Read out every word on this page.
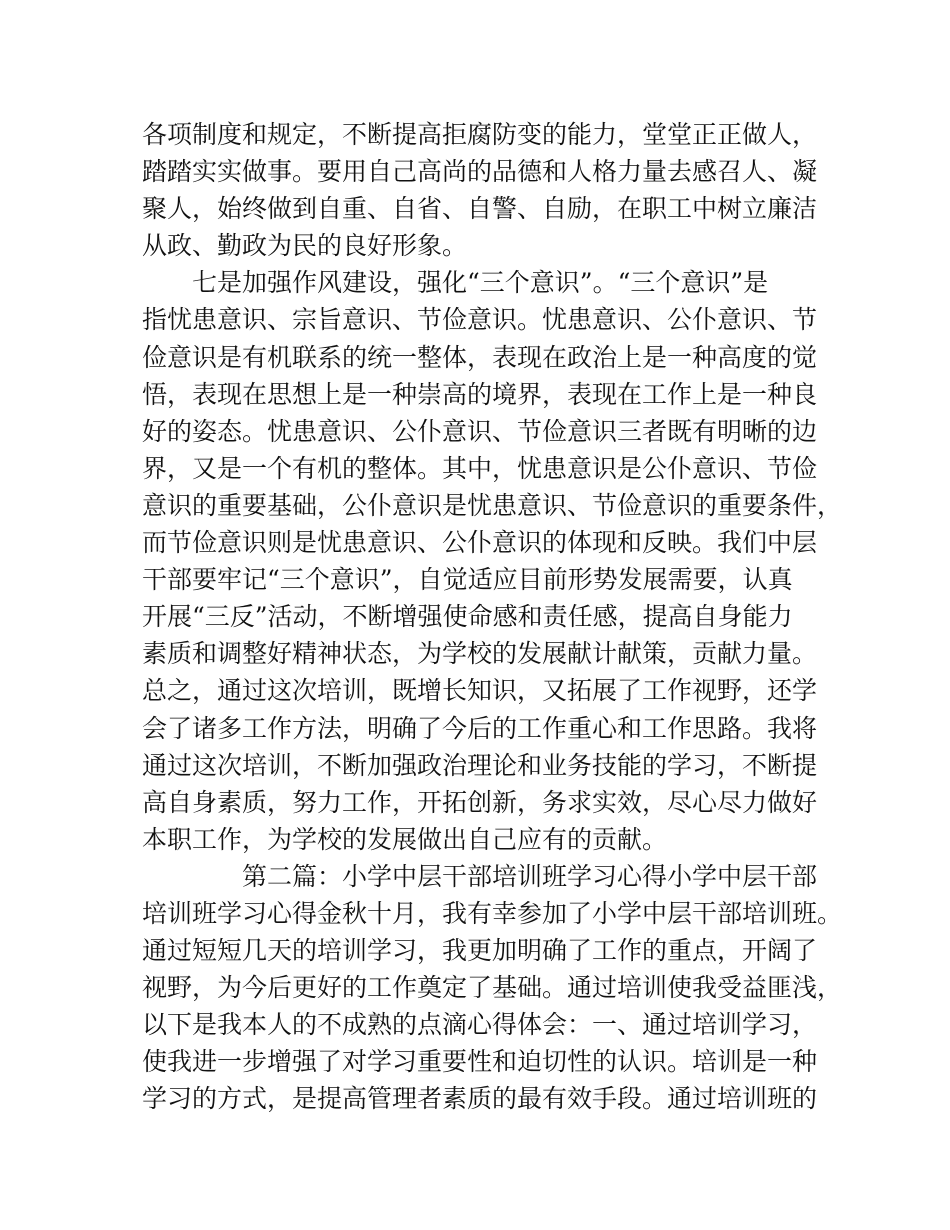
各项制度和规定，不断提高拒腐防变的能力，堂堂正正做人，
踏踏实实做事。要用自己高尚的品德和人格力量去感召人、凝
聚人，始终做到自重、自省、自警、自励，在职工中树立廉洁
从政、勤政为民的良好形象。
七是加强作风建设，强化“三个意识”。“三个意识”是
指忧患意识、宗旨意识、节俭意识。忧患意识、公仆意识、节
俭意识是有机联系的统一整体，表现在政治上是一种高度的觉
悟，表现在思想上是一种崇高的境界，表现在工作上是一种良
好的姿态。忧患意识、公仆意识、节俭意识三者既有明晰的边
界，又是一个有机的整体。其中，忧患意识是公仆意识、节俭
意识的重要基础，公仆意识是忧患意识、节俭意识的重要条件，
而节俭意识则是忧患意识、公仆意识的体现和反映。我们中层
干部要牢记“三个意识”，自觉适应目前形势发展需要，认真
开展“三反”活动，不断增强使命感和责任感，提高自身能力
素质和调整好精神状态，为学校的发展献计献策，贡献力量。
总之，通过这次培训，既增长知识，又拓展了工作视野，还学
会了诸多工作方法，明确了今后的工作重心和工作思路。我将
通过这次培训，不断加强政治理论和业务技能的学习，不断提
高自身素质，努力工作，开拓创新，务求实效，尽心尽力做好
本职工作，为学校的发展做出自己应有的贡献。
第二篇：小学中层干部培训班学习心得小学中层干部
培训班学习心得金秋十月，我有幸参加了小学中层干部培训班。
通过短短几天的培训学习，我更加明确了工作的重点，开阔了
视野，为今后更好的工作奠定了基础。通过培训使我受益匪浅，
以下是我本人的不成熟的点滴心得体会：一、通过培训学习，
使我进一步增强了对学习重要性和迫切性的认识。培训是一种
学习的方式，是提高管理者素质的最有效手段。通过培训班的
